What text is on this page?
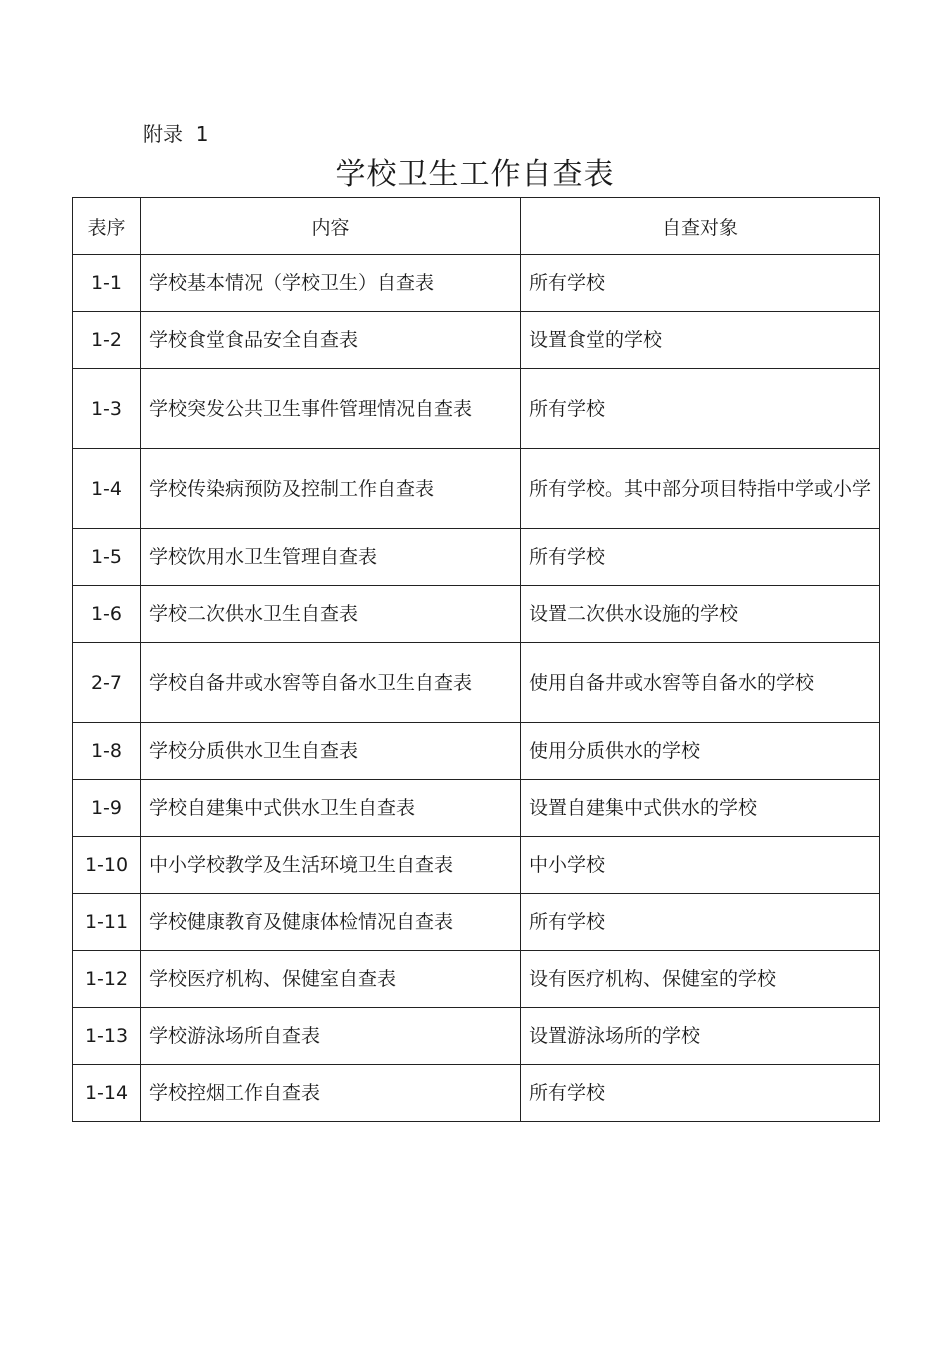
附录  1
学校卫生工作自查表
表序	内容	自查对象
1-1	学校基本情况（学校卫生）自查表	所有学校
1-2	学校食堂食品安全自查表	设置食堂的学校
1-3	学校突发公共卫生事件管理情况自查表	所有学校
1-4	学校传染病预防及控制工作自查表	所有学校。其中部分项目特指中学或小学
1-5	学校饮用水卫生管理自查表	所有学校
1-6	学校二次供水卫生自查表	设置二次供水设施的学校
2-7	学校自备井或水窖等自备水卫生自查表	使用自备井或水窖等自备水的学校
1-8	学校分质供水卫生自查表	使用分质供水的学校
1-9	学校自建集中式供水卫生自查表	设置自建集中式供水的学校
1-10	中小学校教学及生活环境卫生自查表	中小学校
1-11	学校健康教育及健康体检情况自查表	所有学校
1-12	学校医疗机构、保健室自查表	设有医疗机构、保健室的学校
1-13	学校游泳场所自查表	设置游泳场所的学校
1-14	学校控烟工作自查表	所有学校
